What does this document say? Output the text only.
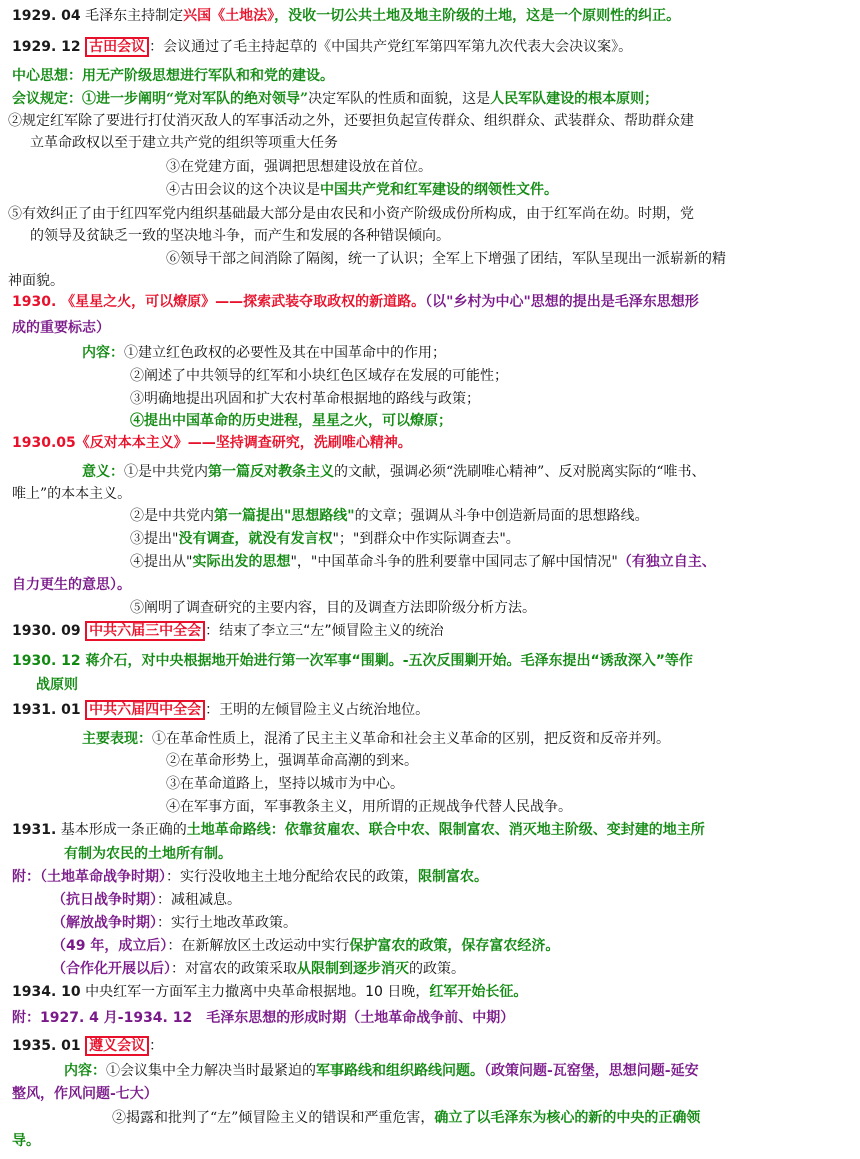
1929. 04 毛泽东主持制定兴国《土地法》，没收一切公共土地及地主阶级的土地，这是一个原则性的纠正。
1929. 12 古田会议 ：会议通过了毛主持起草的《中国共产党红军第四军第九次代表大会决议案》。
中心思想：用无产阶级思想进行军队和和党的建设。
会议规定：①进一步阐明“党对军队的绝对领导”决定军队的性质和面貌，这是人民军队建设的根本原则；
②规定红军除了要进行打仗消灭敌人的军事活动之外，还要担负起宣传群众、组织群众、武装群众、帮助群众建
立革命政权以至于建立共产党的组织等项重大任务
③在党建方面，强调把思想建设放在首位。
④古田会议的这个决议是中国共产党和红军建设的纲领性文件。
⑤有效纠正了由于红四军党内组织基础最大部分是由农民和小资产阶级成份所构成，由于红军尚在幼。时期，党
的领导及贫缺乏一致的坚决地斗争，而产生和发展的各种错误倾向。
⑥领导干部之间消除了隔阂，统一了认识；全军上下增强了团结，军队呈现出一派崭新的精
神面貌。
1930. 《星星之火，可以燎原》——探索武装夺取政权的新道路。（以"乡村为中心"思想的提出是毛泽东思想形
成的重要标志）
内容：①建立红色政权的必要性及其在中国革命中的作用；
②阐述了中共领导的红军和小块红色区域存在发展的可能性；
③明确地提出巩固和扩大农村革命根据地的路线与政策；
④提出中国革命的历史进程，星星之火，可以燎原；
1930.05《反对本本主义》——坚持调查研究，洗刷唯心精神。
意义：①是中共党内第一篇反对教条主义的文献，强调必须“洗刷唯心精神”、反对脱离实际的“唯书、
唯上”的本本主义。
②是中共党内第一篇提出"思想路线"的文章；强调从斗争中创造新局面的思想路线。
③提出"没有调查，就没有发言权"；"到群众中作实际调查去"。
④提出从"实际出发的思想"，"中国革命斗争的胜利要靠中国同志了解中国情况"（有独立自主、
自力更生的意思）。
⑤阐明了调查研究的主要内容，目的及调查方法即阶级分析方法。
1930. 09 中共六届三中全会 ：结束了李立三“左”倾冒险主义的统治
1930. 12 蒋介石，对中央根据地开始进行第一次军事“围剿。-五次反围剿开始。毛泽东提出“诱敌深入”等作
战原则
1931. 01 中共六届四中全会 ：王明的左倾冒险主义占统治地位。
主要表现：①在革命性质上，混淆了民主主义革命和社会主义革命的区别，把反资和反帝并列。
②在革命形势上，强调革命高潮的到来。
③在革命道路上，坚持以城市为中心。
④在军事方面，军事教条主义，用所谓的正规战争代替人民战争。
1931. 基本形成一条正确的土地革命路线：依靠贫雇农、联合中农、限制富农、消灭地主阶级、变封建的地主所
有制为农民的土地所有制。
附：（土地革命战争时期）：实行没收地主土地分配给农民的政策，限制富农。
（抗日战争时期）：减租减息。
（解放战争时期）：实行土地改革政策。
（49 年，成立后）：在新解放区土改运动中实行保护富农的政策，保存富农经济。
（合作化开展以后）：对富农的政策采取从限制到逐步消灭的政策。
1934. 10 中央红军一方面军主力撤离中央革命根据地。10 日晚，红军开始长征。
附：1927. 4 月-1934. 12　毛泽东思想的形成时期（土地革命战争前、中期）
1935. 01 遵义会议 ：
内容：①会议集中全力解决当时最紧迫的军事路线和组织路线问题。（政策问题-瓦窑堡，思想问题-延安
整风，作风问题-七大）
②揭露和批判了“左”倾冒险主义的错误和严重危害，确立了以毛泽东为核心的新的中央的正确领
导。
